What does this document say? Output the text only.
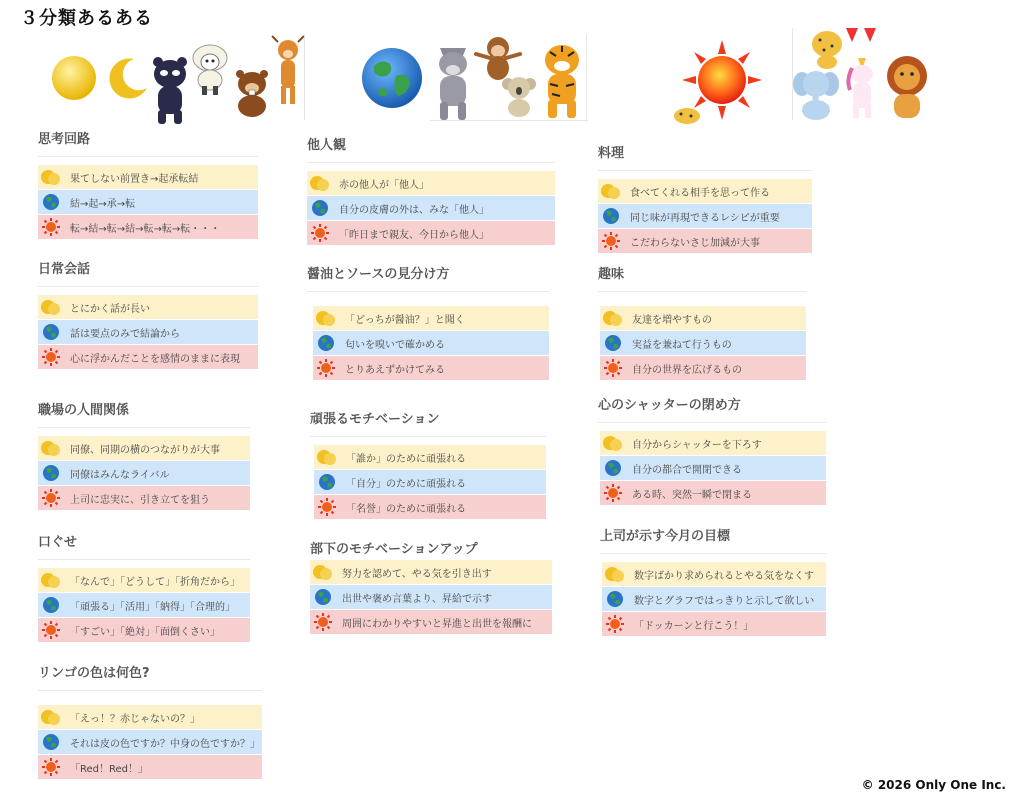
３分類あるある
思考回路
果てしない前置き→起承転結
結→起→承→転
転→結→転→結→転→転→転・・・
日常会話
とにかく話が長い
話は要点のみで結論から
心に浮かんだことを感情のままに表現
職場の人間関係
同僚、同期の横のつながりが大事
同僚はみんなライバル
上司に忠実に、引き立てを狙う
口ぐせ
「なんで」「どうして」「折角だから」
「頑張る」「活用」「納得」「合理的」
「すごい」「絶対」「面倒くさい」
リンゴの色は何色?
「えっ！？赤じゃないの？」
それは皮の色ですか？中身の色ですか？」
「Red！Red！」
他人観
赤の他人が「他人」
自分の皮膚の外は、みな「他人」
「昨日まで親友、今日から他人」
醤油とソースの見分け方
「どっちが醤油？」と聞く
匂いを嗅いで確かめる
とりあえずかけてみる
頑張るモチベーション
「誰か」のために頑張れる
「自分」のために頑張れる
「名誉」のために頑張れる
部下のモチベーションアップ
努力を認めて、やる気を引き出す
出世や褒め言葉より、昇給で示す
周囲にわかりやすいと昇進と出世を報酬に
料理
食べてくれる相手を思って作る
同じ味が再現できるレシピが重要
こだわらないさじ加減が大事
趣味
友達を増やすもの
実益を兼ねて行うもの
自分の世界を広げるもの
心のシャッターの閉め方
自分からシャッターを下ろす
自分の都合で開閉できる
ある時、突然一瞬で閉まる
上司が示す今月の目標
数字ばかり求められるとやる気をなくす
数字とグラフではっきりと示して欲しい
「ドッカーンと行こう！」
© 2026 Only One Inc.
